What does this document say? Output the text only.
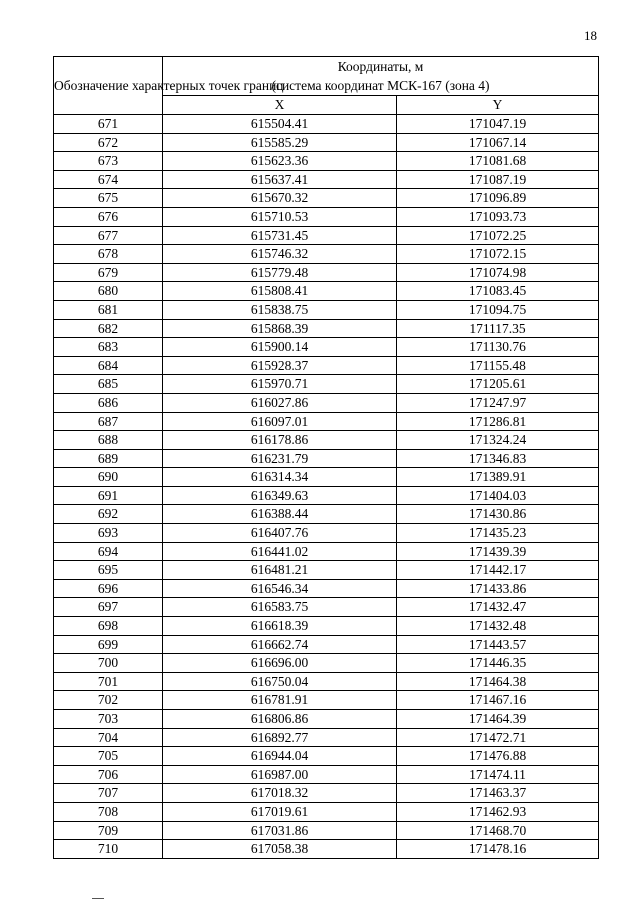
18
Обозначение характерных точек границ	Координаты, м
(система координат МСК-167 (зона 4)	
	X	Y
671	615504.41	171047.19
672	615585.29	171067.14
673	615623.36	171081.68
674	615637.41	171087.19
675	615670.32	171096.89
676	615710.53	171093.73
677	615731.45	171072.25
678	615746.32	171072.15
679	615779.48	171074.98
680	615808.41	171083.45
681	615838.75	171094.75
682	615868.39	171117.35
683	615900.14	171130.76
684	615928.37	171155.48
685	615970.71	171205.61
686	616027.86	171247.97
687	616097.01	171286.81
688	616178.86	171324.24
689	616231.79	171346.83
690	616314.34	171389.91
691	616349.63	171404.03
692	616388.44	171430.86
693	616407.76	171435.23
694	616441.02	171439.39
695	616481.21	171442.17
696	616546.34	171433.86
697	616583.75	171432.47
698	616618.39	171432.48
699	616662.74	171443.57
700	616696.00	171446.35
701	616750.04	171464.38
702	616781.91	171467.16
703	616806.86	171464.39
704	616892.77	171472.71
705	616944.04	171476.88
706	616987.00	171474.11
707	617018.32	171463.37
708	617019.61	171462.93
709	617031.86	171468.70
710	617058.38	171478.16
